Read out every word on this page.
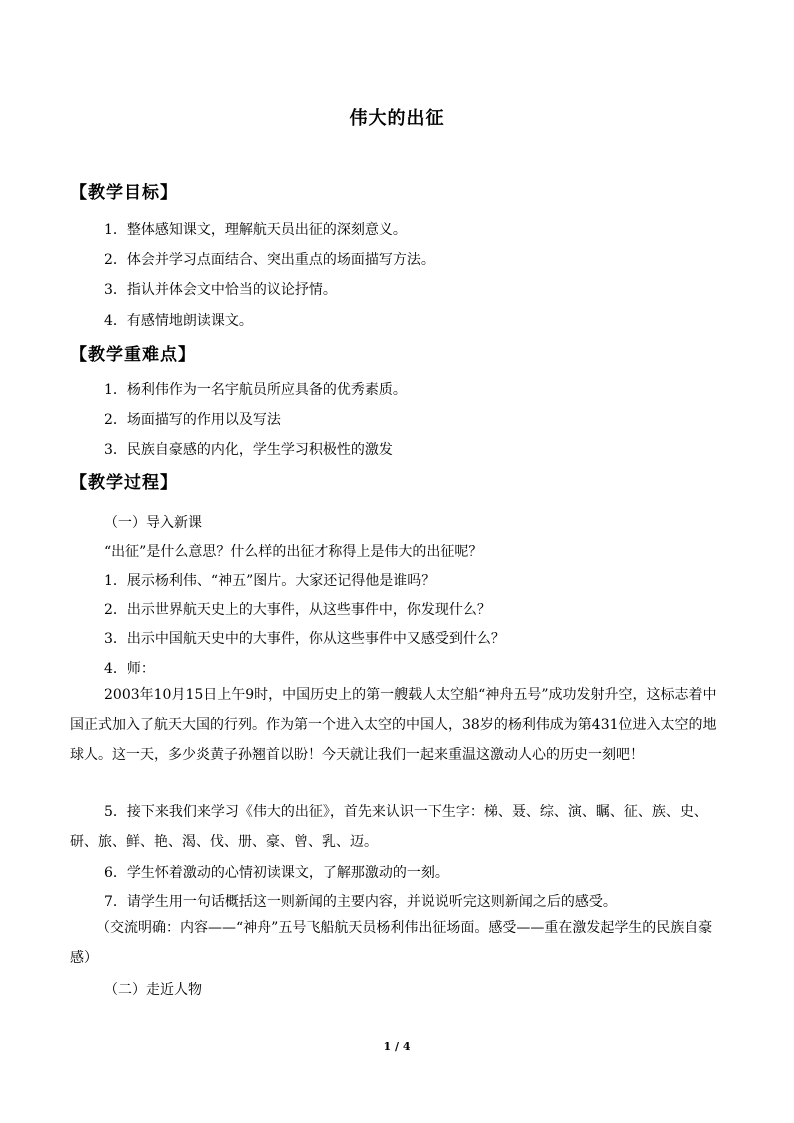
伟大的出征
【教学目标】
1．整体感知课文，理解航天员出征的深刻意义。
2．体会并学习点面结合、突出重点的场面描写方法。
3．指认并体会文中恰当的议论抒情。
4．有感情地朗读课文。
【教学重难点】
1．杨利伟作为一名宇航员所应具备的优秀素质。
2．场面描写的作用以及写法
3．民族自豪感的内化，学生学习积极性的激发
【教学过程】
（一）导入新课
“出征”是什么意思？什么样的出征才称得上是伟大的出征呢？
1．展示杨利伟、“神五”图片。大家还记得他是谁吗？
2．出示世界航天史上的大事件，从这些事件中，你发现什么？
3．出示中国航天史中的大事件，你从这些事件中又感受到什么？
4．师：

2003年10月15日上午9时，中国历史上的第一艘载人太空船“神舟五号”成功发射升空，这标志着中国正式加入了航天大国的行列。作为第一个进入太空的中国人，38岁的杨利伟成为第431位进入太空的地球人。这一天，多少炎黄子孙翘首以盼！今天就让我们一起来重温这激动人心的历史一刻吧！

5．接下来我们来学习《伟大的出征》，首先来认识一下生字：梯、聂、综、演、瞩、征、族、史、研、旅、鲜、艳、渴、伐、册、豪、曾、乳、迈。

6．学生怀着激动的心情初读课文，了解那激动的一刻。
7．请学生用一句话概括这一则新闻的主要内容，并说说听完这则新闻之后的感受。

（交流明确：内容——“神舟”五号飞船航天员杨利伟出征场面。感受——重在激发起学生的民族自豪感）

（二）走近人物
1 / 4
